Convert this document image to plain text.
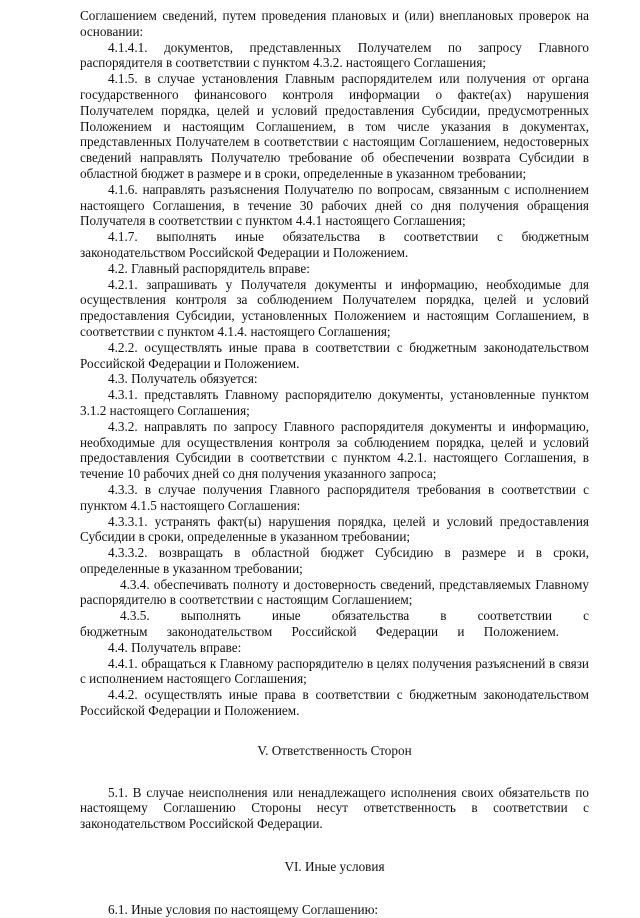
Соглашением сведений, путем проведения плановых и (или) внеплановых проверок на основании:

4.1.4.1. документов, представленных Получателем по запросу Главного распорядителя в соответствии с пунктом 4.3.2. настоящего Соглашения;

4.1.5. в случае установления Главным распорядителем или получения от органа государственного финансового контроля информации о факте(ах) нарушения Получателем порядка, целей и условий предоставления Субсидии, предусмотренных Положением и настоящим Соглашением, в том числе указания в документах, представленных Получателем в соответствии с настоящим Соглашением, недостоверных сведений направлять Получателю требование об обеспечении возврата Субсидии в областной бюджет в размере и в сроки, определенные в указанном требовании;

4.1.6. направлять разъяснения Получателю по вопросам, связанным с исполнением настоящего Соглашения, в течение 30 рабочих дней со дня получения обращения Получателя в соответствии с пунктом 4.4.1 настоящего Соглашения;

4.1.7. выполнять иные обязательства в соответствии с бюджетным законодательством Российской Федерации и Положением.

4.2. Главный распорядитель вправе:

4.2.1. запрашивать у Получателя документы и информацию, необходимые для осуществления контроля за соблюдением Получателем порядка, целей и условий предоставления Субсидии, установленных Положением и настоящим Соглашением, в соответствии с пунктом 4.1.4. настоящего Соглашения;

4.2.2. осуществлять иные права в соответствии с бюджетным законодательством Российской Федерации и Положением.

4.3. Получатель обязуется:

4.3.1. представлять Главному распорядителю документы, установленные пунктом 3.1.2 настоящего Соглашения;

4.3.2. направлять по запросу Главного распорядителя документы и информацию, необходимые для осуществления контроля за соблюдением порядка, целей и условий предоставления Субсидии в соответствии с пунктом 4.2.1. настоящего Соглашения, в течение 10 рабочих дней со дня получения указанного запроса;

4.3.3. в случае получения Главного распорядителя требования в соответствии с пунктом 4.1.5 настоящего Соглашения:

4.3.3.1. устранять факт(ы) нарушения порядка, целей и условий предоставления Субсидии в сроки, определенные в указанном требовании;

4.3.3.2. возвращать в областной бюджет Субсидию в размере и в сроки, определенные в указанном требовании;

4.3.4. обеспечивать полноту и достоверность сведений, представляемых Главному распорядителю в соответствии с настоящим Соглашением;

4.3.5. выполнять иные обязательства в соответствии с бюджетным законодательством Российской Федерации и Положением.

4.4. Получатель вправе:

4.4.1. обращаться к Главному распорядителю в целях получения разъяснений в связи с исполнением настоящего Соглашения;

4.4.2. осуществлять иные права в соответствии с бюджетным законодательством Российской Федерации и Положением.

V. Ответственность Сторон

5.1. В случае неисполнения или ненадлежащего исполнения своих обязательств по настоящему Соглашению Стороны несут ответственность в соответствии с законодательством Российской Федерации.

VI. Иные условия

6.1. Иные условия по настоящему Соглашению:
